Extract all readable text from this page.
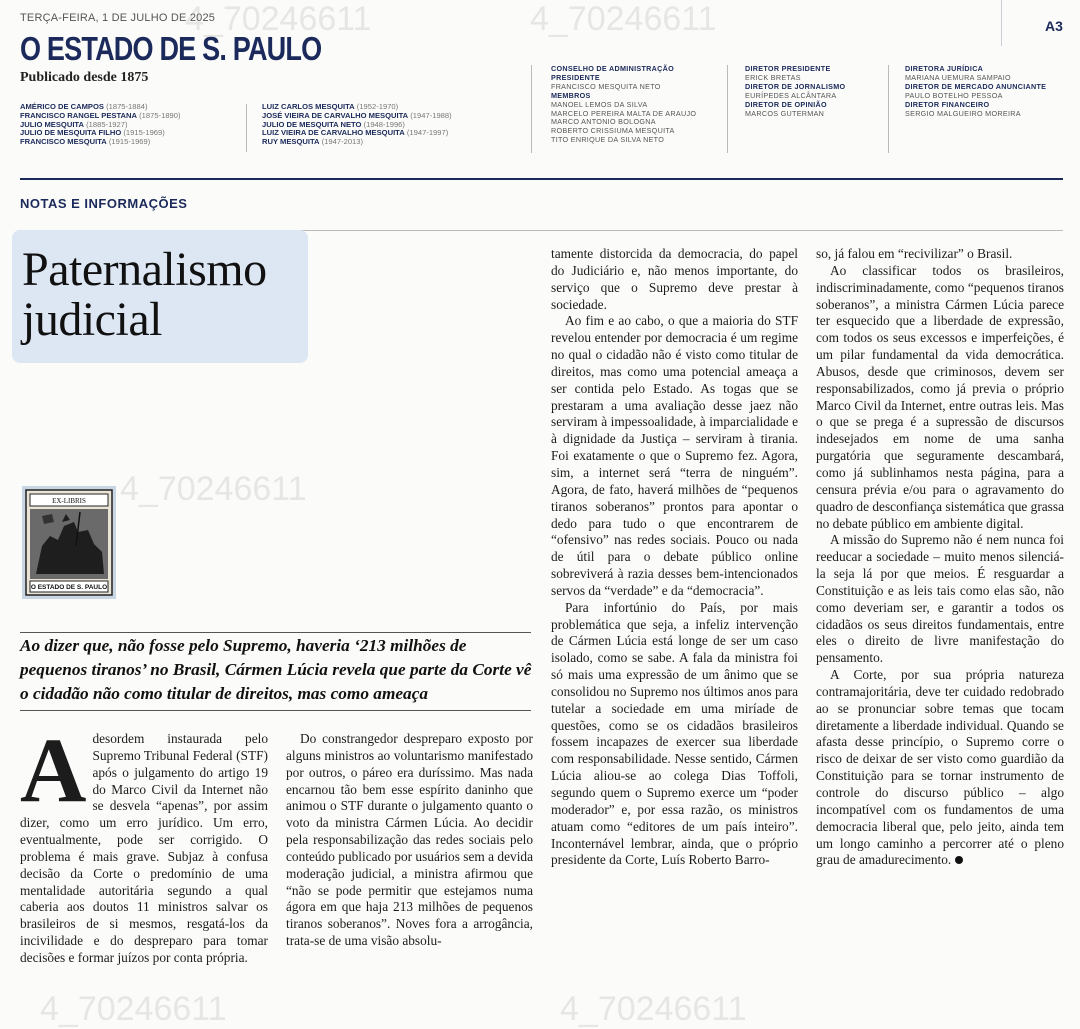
4_70246611	4_70246611
4_70246611
4_70246611	4_70246611
TERÇA-FEIRA, 1 DE JULHO DE 2025
O ESTADO DE S. PAULO
Publicado desde 1875
A3
AMÉRICO DE CAMPOS (1875-1884)
FRANCISCO RANGEL PESTANA (1875-1890)
JULIO MESQUITA (1885-1927)
JULIO DE MESQUITA FILHO (1915-1969)
FRANCISCO MESQUITA (1915-1969)
LUIZ CARLOS MESQUITA (1952-1970)
JOSÉ VIEIRA DE CARVALHO MESQUITA (1947-1988)
JULIO DE MESQUITA NETO (1948-1996)
LUIZ VIEIRA DE CARVALHO MESQUITA (1947-1997)
RUY MESQUITA (1947-2013)
CONSELHO DE ADMINISTRAÇÃO
PRESIDENTE
FRANCISCO MESQUITA NETO
MEMBROS
MANOEL LEMOS DA SILVA
MARCELO PEREIRA MALTA DE ARAUJO
MARCO ANTONIO BOLOGNA
ROBERTO CRISSIUMA MESQUITA
TITO ENRIQUE DA SILVA NETO
DIRETOR PRESIDENTE
ERICK BRETAS
DIRETOR DE JORNALISMO
EURÍPEDES ALCÂNTARA
DIRETOR DE OPINIÃO
MARCOS GUTERMAN
DIRETORA JURÍDICA
MARIANA UEMURA SAMPAIO
DIRETOR DE MERCADO ANUNCIANTE
PAULO BOTELHO PESSOA
DIRETOR FINANCEIRO
SERGIO MALGUEIRO MOREIRA
NOTAS E INFORMAÇÕES
Paternalismo
judicial
EX-LIBRIS
O ESTADO DE S. PAULO
Ao dizer que, não fosse pelo Supremo, haveria ‘213 milhões de pequenos tiranos’ no Brasil, Cármen Lúcia revela que parte da Corte vê o cidadão não como titular de direitos, mas como ameaça
A desordem instaurada pelo Supremo Tribunal Federal (STF) após o julgamento do artigo 19 do Marco Civil da Internet não se desvela “apenas”, por assim dizer, como um erro jurídico. Um erro, eventualmente, pode ser corrigido. O problema é mais grave. Subjaz à confusa decisão da Corte o predomínio de uma mentalidade autoritária segundo a qual caberia aos doutos 11 ministros salvar os brasileiros de si mesmos, resgatá-los da incivilidade e do despreparo para tomar decisões e formar juízos por conta própria.

Do constrangedor despreparo exposto por alguns ministros ao voluntarismo manifestado por outros, o páreo era duríssimo. Mas nada encarnou tão bem esse espírito daninho que animou o STF durante o julgamento quanto o voto da ministra Cármen Lúcia. Ao decidir pela responsabilização das redes sociais pelo conteúdo publicado por usuários sem a devida moderação judicial, a ministra afirmou que “não se pode permitir que estejamos numa ágora em que haja 213 milhões de pequenos tiranos soberanos”. Noves fora a arrogância, trata-se de uma visão absolu-

tamente distorcida da democracia, do papel do Judiciário e, não menos importante, do serviço que o Supremo deve prestar à sociedade.

Ao fim e ao cabo, o que a maioria do STF revelou entender por democracia é um regime no qual o cidadão não é visto como titular de direitos, mas como uma potencial ameaça a ser contida pelo Estado. As togas que se prestaram a uma avaliação desse jaez não serviram à impessoalidade, à imparcialidade e à dignidade da Justiça – serviram à tirania. Foi exatamente o que o Supremo fez. Agora, sim, a internet será “terra de ninguém”. Agora, de fato, haverá milhões de “pequenos tiranos soberanos” prontos para apontar o dedo para tudo o que encontrarem de “ofensivo” nas redes sociais. Pouco ou nada de útil para o debate público online sobreviverá à razia desses bem-intencionados servos da “verdade” e da “democracia”.

Para infortúnio do País, por mais problemática que seja, a infeliz intervenção de Cármen Lúcia está longe de ser um caso isolado, como se sabe. A fala da ministra foi só mais uma expressão de um ânimo que se consolidou no Supremo nos últimos anos para tutelar a sociedade em uma miríade de questões, como se os cidadãos brasileiros fossem incapazes de exercer sua liberdade com responsabilidade. Nesse sentido, Cármen Lúcia aliou-se ao colega Dias Toffoli, segundo quem o Supremo exerce um “poder moderador” e, por essa razão, os ministros atuam como “editores de um país inteiro”. Inconternável lembrar, ainda, que o próprio presidente da Corte, Luís Roberto Barro-

so, já falou em “recivilizar” o Brasil.

Ao classificar todos os brasileiros, indiscriminadamente, como “pequenos tiranos soberanos”, a ministra Cármen Lúcia parece ter esquecido que a liberdade de expressão, com todos os seus excessos e imperfeições, é um pilar fundamental da vida democrática. Abusos, desde que criminosos, devem ser responsabilizados, como já previa o próprio Marco Civil da Internet, entre outras leis. Mas o que se prega é a supressão de discursos indesejados em nome de uma sanha purgatória que seguramente descambará, como já sublinhamos nesta página, para a censura prévia e/ou para o agravamento do quadro de desconfiança sistemática que grassa no debate público em ambiente digital.

A missão do Supremo não é nem nunca foi reeducar a sociedade – muito menos silenciá-la seja lá por que meios. É resguardar a Constituição e as leis tais como elas são, não como deveriam ser, e garantir a todos os cidadãos os seus direitos fundamentais, entre eles o direito de livre manifestação do pensamento.

A Corte, por sua própria natureza contramajoritária, deve ter cuidado redobrado ao se pronunciar sobre temas que tocam diretamente a liberdade individual. Quando se afasta desse princípio, o Supremo corre o risco de deixar de ser visto como guardião da Constituição para se tornar instrumento de controle do discurso público – algo incompatível com os fundamentos de uma democracia liberal que, pelo jeito, ainda tem um longo caminho a percorrer até o pleno grau de amadurecimento.
